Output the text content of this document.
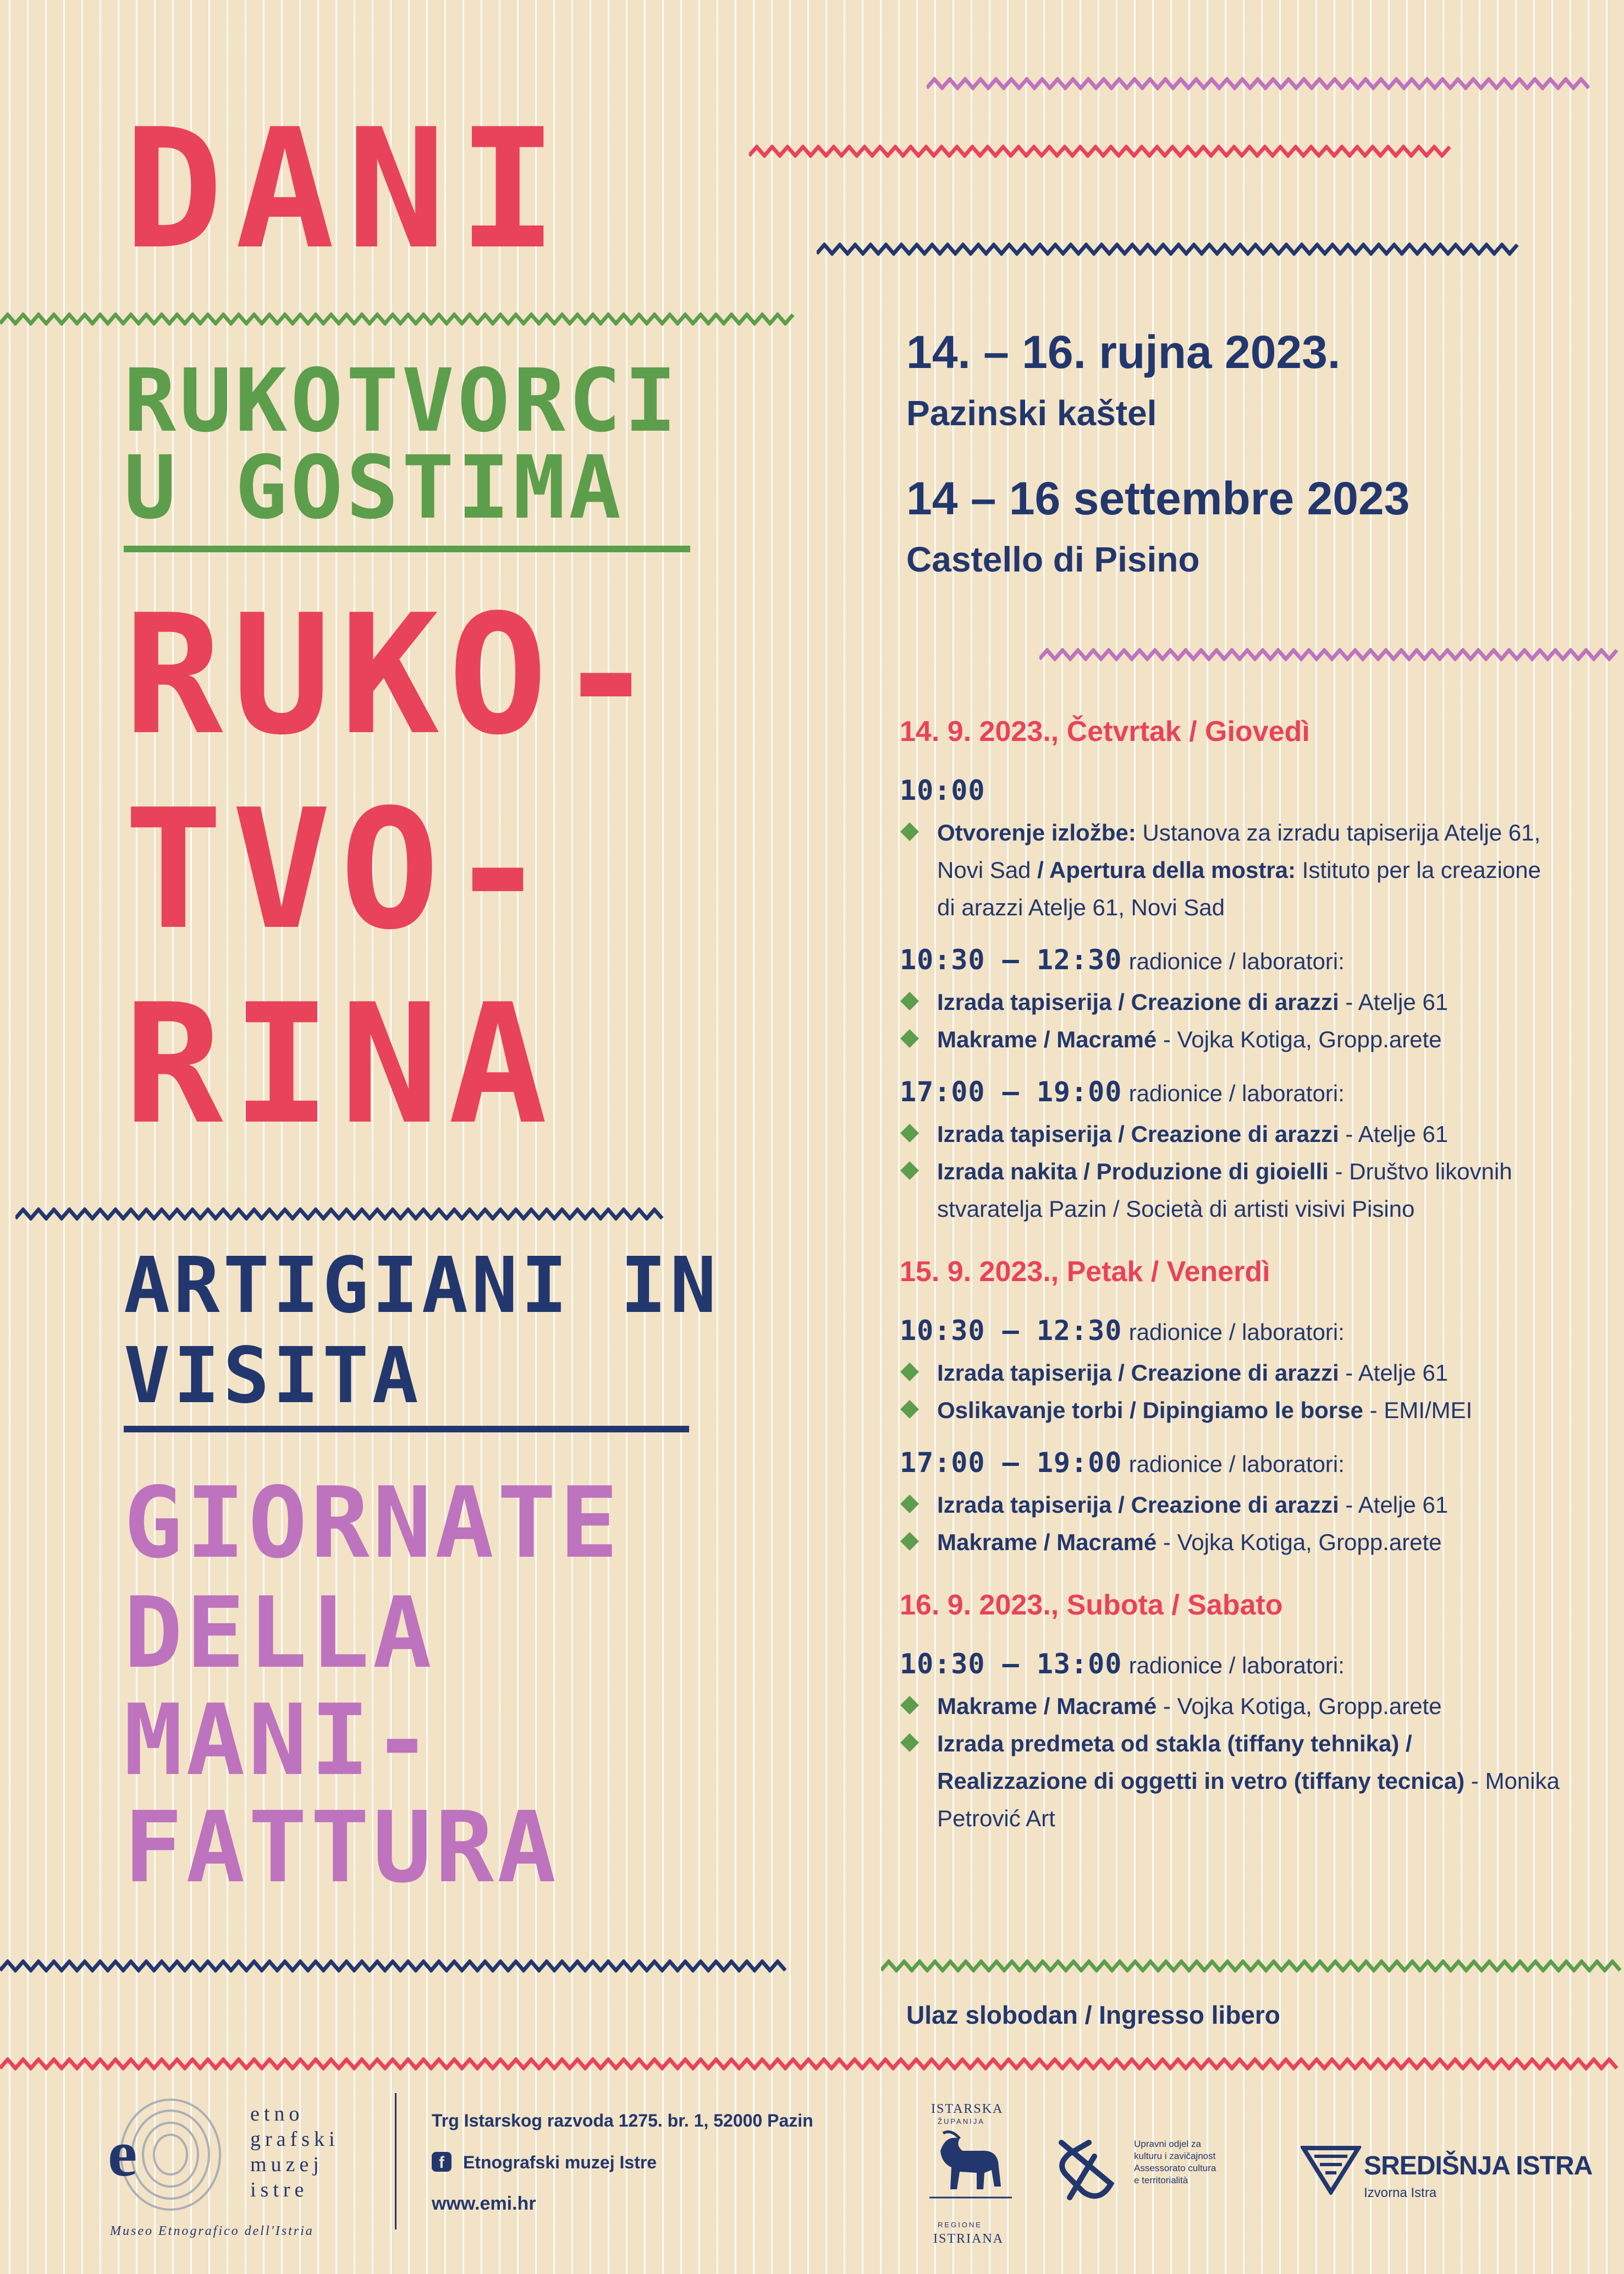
DANI

RUKOTVORCI

U GOSTIMA

RUKO-

TVO-

RINA

ARTIGIANI IN

VISITA

GIORNATE

DELLA

MANI-

FATTURA

14. – 16. rujna 2023.

Pazinski kaštel

14 – 16 settembre 2023

Castello di Pisino

14. 9. 2023., Četvrtak / Giovedì

10:00

Otvorenje izložbe: Ustanova za izradu tapiserija Atelje 61, Novi Sad / Apertura della mostra: Istituto per la creazione di arazzi Atelje 61, Novi Sad

10:30 – 12:30 radionice / laboratori:

Izrada tapiserija / Creazione di arazzi - Atelje 61

Makrame / Macramé - Vojka Kotiga, Gropp.arete

17:00 – 19:00 radionice / laboratori:

Izrada tapiserija / Creazione di arazzi - Atelje 61

Izrada nakita / Produzione di gioielli - Društvo likovnih stvaratelja Pazin / Società di artisti visivi Pisino

15. 9. 2023., Petak / Venerdì

10:30 – 12:30 radionice / laboratori:

Izrada tapiserija / Creazione di arazzi - Atelje 61

Oslikavanje torbi / Dipingiamo le borse - EMI/MEI

17:00 – 19:00 radionice / laboratori:

Izrada tapiserija / Creazione di arazzi - Atelje 61

Makrame / Macramé - Vojka Kotiga, Gropp.arete

16. 9. 2023., Subota / Sabato

10:30 – 13:00 radionice / laboratori:

Makrame / Macramé - Vojka Kotiga, Gropp.arete

Izrada predmeta od stakla (tiffany tehnika) / Realizzazione di oggetti in vetro (tiffany tecnica) - Monika Petrović Art

Ulaz slobodan / Ingresso libero

e
etno
grafski
muzej
istre
Museo Etnografico dell'Istria
Trg Istarskog razvoda 1275. br. 1, 52000 Pazin
f	Etnografski muzej Istre
www.emi.hr
ISTARSKA
ŽUPANIJA
REGIONE
ISTRIANA
Upravni odjel za
kulturu i zavičajnost
Assessorato cultura
e territorialità	SREDIŠNJA ISTRA
Izvorna Istra
